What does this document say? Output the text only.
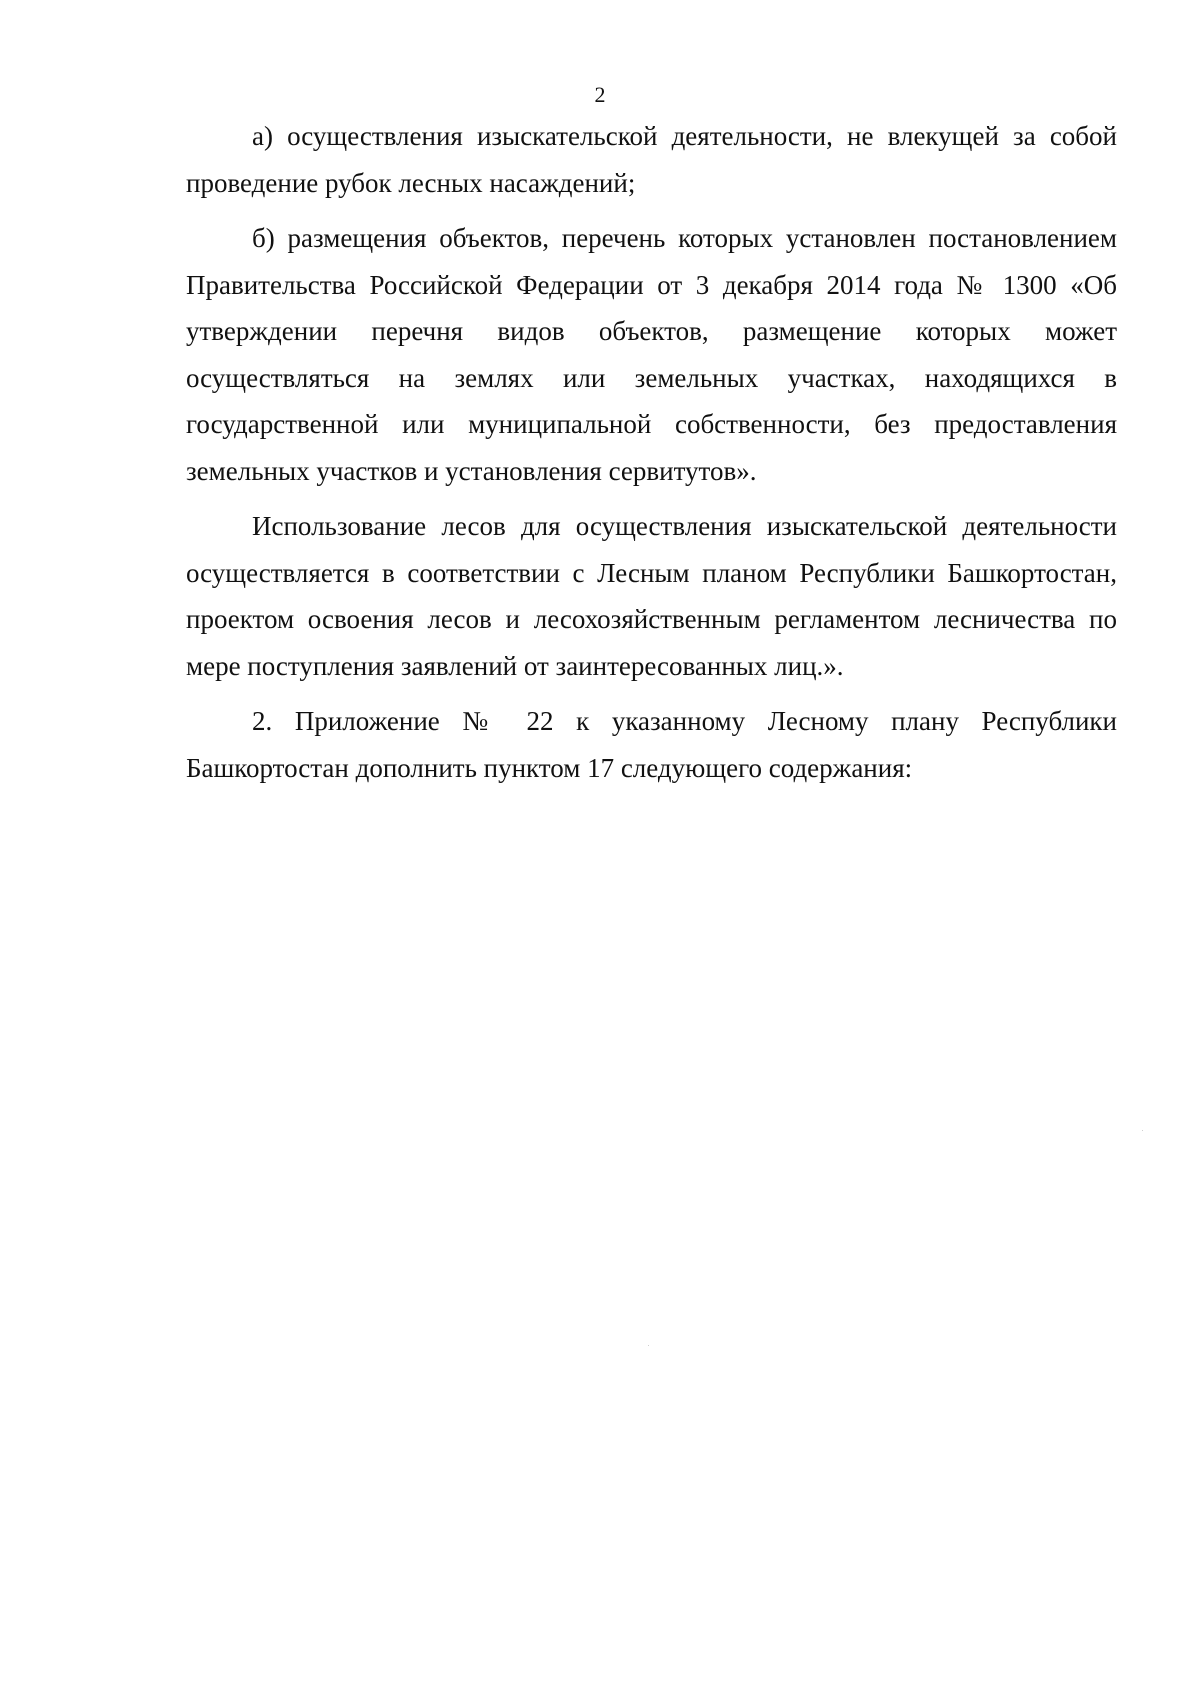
2

а) осуществления изыскательской деятельности, не влекущей за собой проведение рубок лесных насаждений;

б) размещения объектов, перечень которых установлен постановлением Правительства Российской Федерации от 3 декабря 2014 года № 1300 «Об утверждении перечня видов объектов, размещение которых может осуществляться на землях или земельных участках, находящихся в государственной или муниципальной собственности, без предоставления земельных участков и установления сервитутов».

Использование лесов для осуществления изыскательской деятельности осуществляется в соответствии с Лесным планом Республики Башкортостан, проектом освоения лесов и лесохозяйственным регламентом лесничества по мере поступления заявлений от заинтересованных лиц.».

2. Приложение № 22 к указанному Лесному плану Республики Башкортостан дополнить пунктом 17 следующего содержания:
